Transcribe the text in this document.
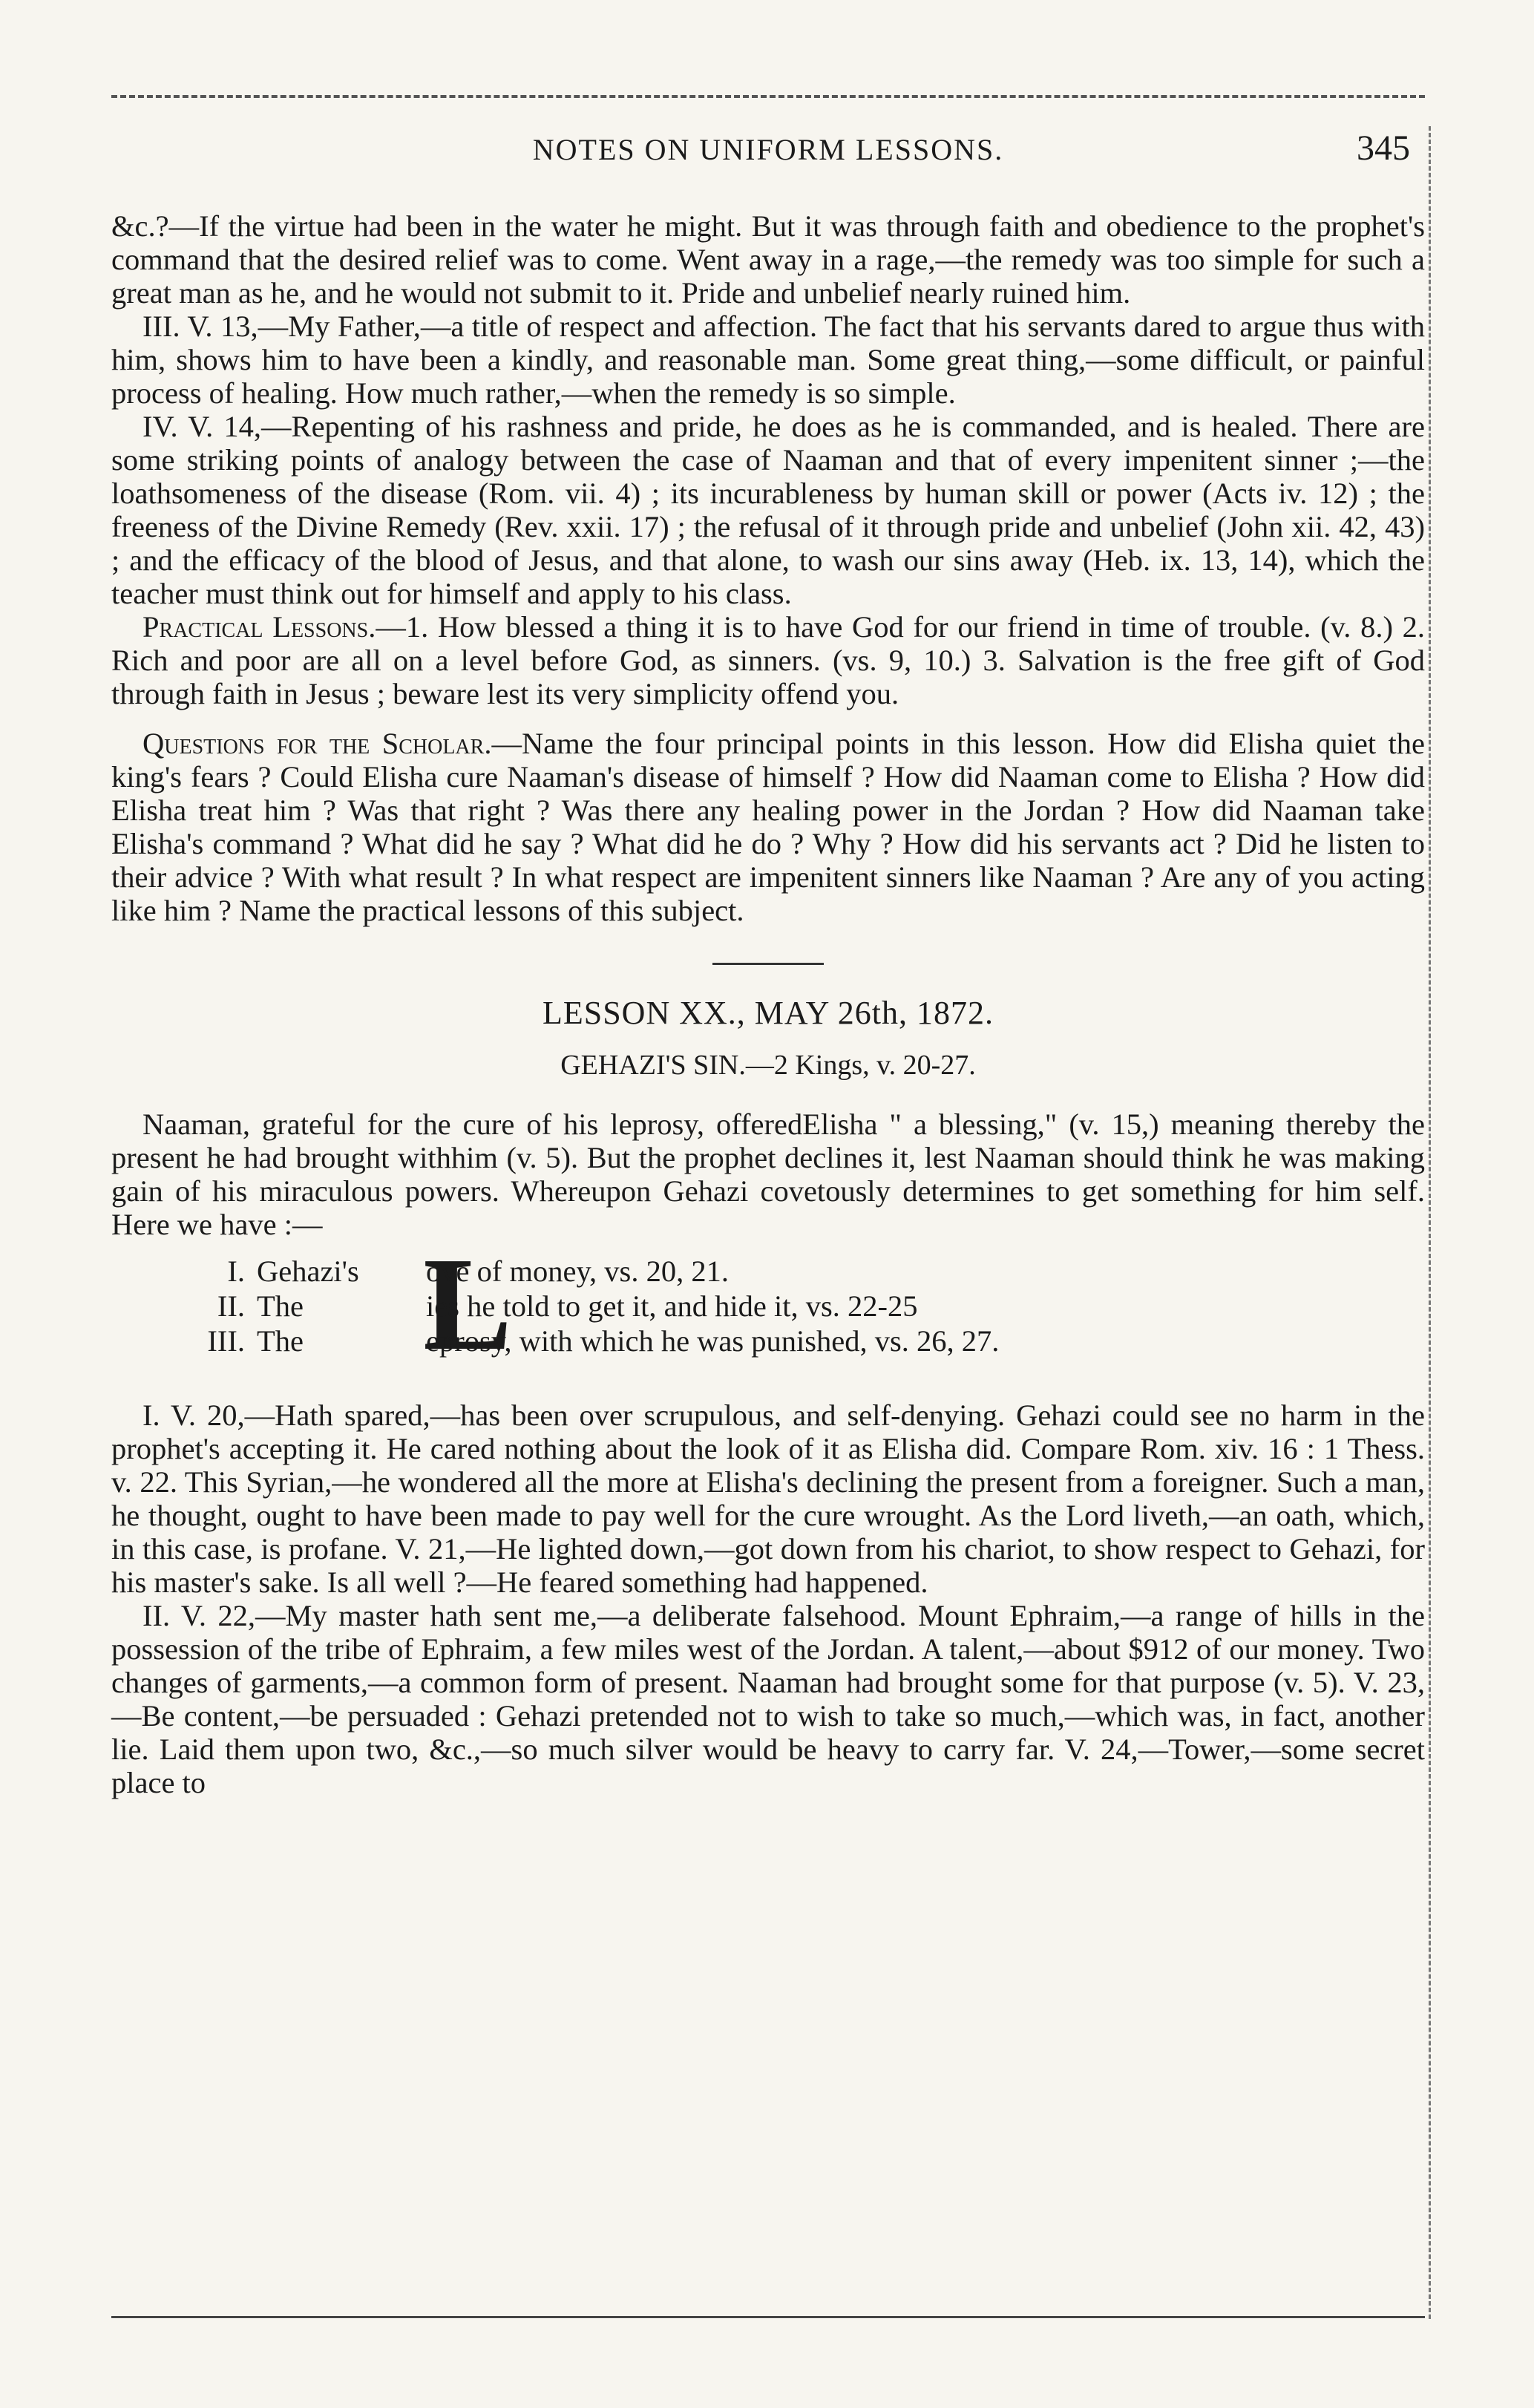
NOTES ON UNIFORM LESSONS.	345

&c.?—If the virtue had been in the water he might. But it was through faith and obedience to the prophet's command that the desired relief was to come. Went away in a rage,—the remedy was too simple for such a great man as he, and he would not submit to it. Pride and unbelief nearly ruined him.

III. V. 13,—My Father,—a title of respect and affection. The fact that his servants dared to argue thus with him, shows him to have been a kindly, and reasonable man. Some great thing,—some difficult, or painful process of healing. How much rather,—when the remedy is so simple.

IV. V. 14,—Repenting of his rashness and pride, he does as he is commanded, and is healed. There are some striking points of analogy between the case of Naaman and that of every impenitent sinner ;—the loathsomeness of the disease (Rom. vii. 4) ; its incurableness by human skill or power (Acts iv. 12) ; the freeness of the Divine Remedy (Rev. xxii. 17) ; the refusal of it through pride and unbelief (John xii. 42, 43) ; and the efficacy of the blood of Jesus, and that alone, to wash our sins away (Heb. ix. 13, 14), which the teacher must think out for himself and apply to his class.

Practical Lessons.—1. How blessed a thing it is to have God for our friend in time of trouble. (v. 8.) 2. Rich and poor are all on a level before God, as sinners. (vs. 9, 10.) 3. Salvation is the free gift of God through faith in Jesus ; beware lest its very simplicity offend you.

Questions for the Scholar.—Name the four principal points in this lesson. How did Elisha quiet the king's fears ? Could Elisha cure Naaman's disease of himself ? How did Naaman come to Elisha ? How did Elisha treat him ? Was that right ? Was there any healing power in the Jordan ? How did Naaman take Elisha's command ? What did he say ? What did he do ? Why ? How did his servants act ? Did he listen to their advice ? With what result ? In what respect are impenitent sinners like Naaman ? Are any of you acting like him ? Name the practical lessons of this subject.

LESSON XX., MAY 26th, 1872.
GEHAZI'S SIN.—2 Kings, v. 20-27.

Naaman, grateful for the cure of his leprosy, offeredElisha " a blessing," (v. 15,) meaning thereby the present he had brought withhim (v. 5). But the prophet declines it, lest Naaman should think he was making gain of his miraculous powers. Whereupon Gehazi covetously determines to get something for him self. Here we have :—

L
I. Gehazi's ove of money, vs. 20, 21.
II. The	ies he told to get it, and hide it, vs. 22-25
III. The	eprosy, with which he was punished, vs. 26, 27.

I. V. 20,—Hath spared,—has been over scrupulous, and self-denying. Gehazi could see no harm in the prophet's accepting it. He cared nothing about the look of it as Elisha did. Compare Rom. xiv. 16 : 1 Thess. v. 22. This Syrian,—he wondered all the more at Elisha's declining the present from a foreigner. Such a man, he thought, ought to have been made to pay well for the cure wrought. As the Lord liveth,—an oath, which, in this case, is profane. V. 21,—He lighted down,—got down from his chariot, to show respect to Gehazi, for his master's sake. Is all well ?—He feared something had happened.

II. V. 22,—My master hath sent me,—a deliberate falsehood. Mount Ephraim,—a range of hills in the possession of the tribe of Ephraim, a few miles west of the Jordan. A talent,—about $912 of our money. Two changes of garments,—a common form of present. Naaman had brought some for that purpose (v. 5). V. 23,—Be content,—be persuaded : Gehazi pretended not to wish to take so much,—which was, in fact, another lie. Laid them upon two, &c.,—so much silver would be heavy to carry far. V. 24,—Tower,—some secret place to
